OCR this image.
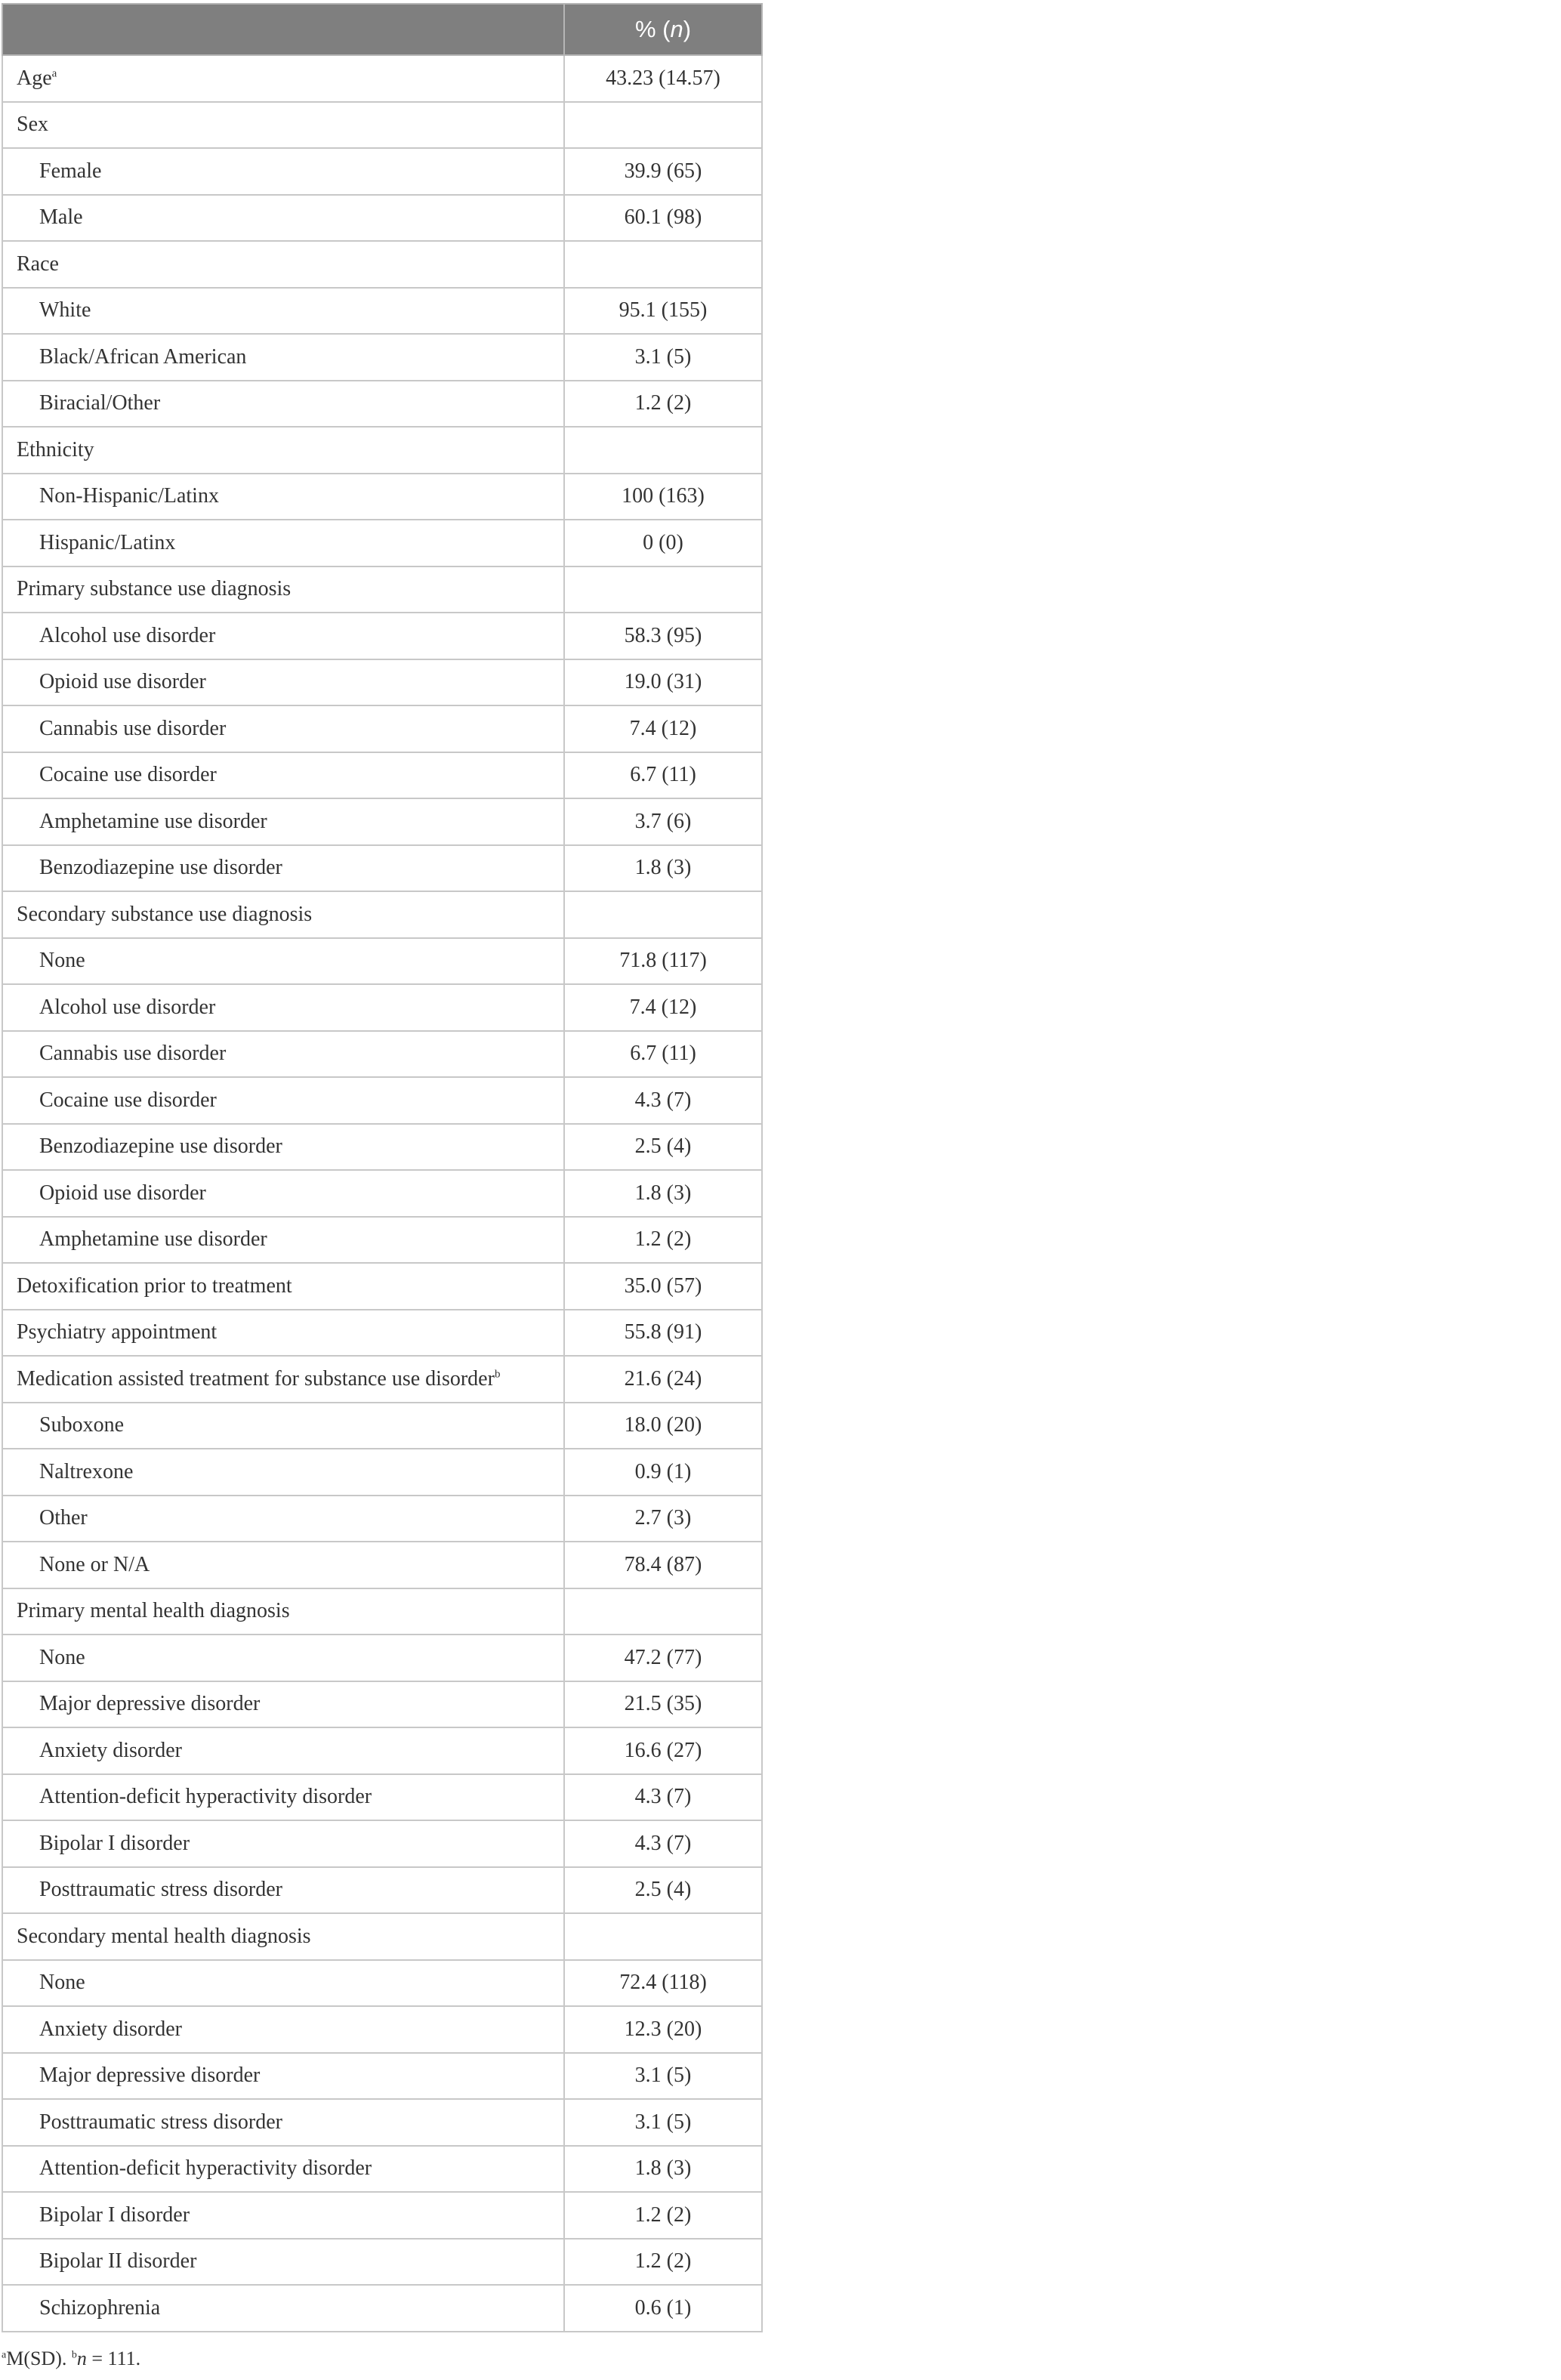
	% (n)
Age$^a$	43.23 (14.57)
Sex	
Female	39.9 (65)
Male	60.1 (98)
Race	
White	95.1 (155)
Black/African American	3.1 (5)
Biracial/Other	1.2 (2)
Ethnicity	
Non-Hispanic/Latinx	100 (163)
Hispanic/Latinx	0 (0)
Primary substance use diagnosis	
Alcohol use disorder	58.3 (95)
Opioid use disorder	19.0 (31)
Cannabis use disorder	7.4 (12)
Cocaine use disorder	6.7 (11)
Amphetamine use disorder	3.7 (6)
Benzodiazepine use disorder	1.8 (3)
Secondary substance use diagnosis	
None	71.8 (117)
Alcohol use disorder	7.4 (12)
Cannabis use disorder	6.7 (11)
Cocaine use disorder	4.3 (7)
Benzodiazepine use disorder	2.5 (4)
Opioid use disorder	1.8 (3)
Amphetamine use disorder	1.2 (2)
Detoxification prior to treatment	35.0 (57)
Psychiatry appointment	55.8 (91)
Medication assisted treatment for substance use disorder$^b$	21.6 (24)
Suboxone	18.0 (20)
Naltrexone	0.9 (1)
Other	2.7 (3)
None or N/A	78.4 (87)
Primary mental health diagnosis	
None	47.2 (77)
Major depressive disorder	21.5 (35)
Anxiety disorder	16.6 (27)
Attention-deficit hyperactivity disorder	4.3 (7)
Bipolar I disorder	4.3 (7)
Posttraumatic stress disorder	2.5 (4)
Secondary mental health diagnosis	
None	72.4 (118)
Anxiety disorder	12.3 (20)
Major depressive disorder	3.1 (5)
Posttraumatic stress disorder	3.1 (5)
Attention-deficit hyperactivity disorder	1.8 (3)
Bipolar I disorder	1.2 (2)
Bipolar II disorder	1.2 (2)
Schizophrenia	0.6 (1)
$^a$M(SD). $^b$n = 111.
